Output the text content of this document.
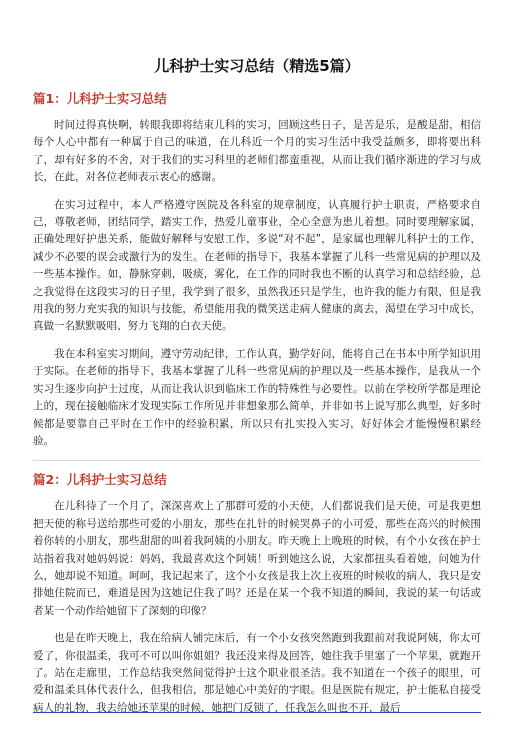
儿科护士实习总结（精选5篇）
篇1：儿科护士实习总结

时间过得真快啊，转眼我即将结束儿科的实习，回顾这些日子，是苦是乐，是酸是甜，相信每个人心中都有一种属于自己的味道，在儿科近一个月的实习生活中我受益颇多，即将要出科了，却有好多的不舍，对于我们的实习科里的老师们都蛮重视，从而让我们循序渐进的学习与成长，在此，对各位老师表示衷心的感谢。

在实习过程中，本人严格遵守医院及各科室的规章制度，认真履行护士职责，严格要求自己，尊敬老师，团结同学，踏实工作，热爱儿童事业，全心全意为患儿着想。同时要理解家属，正确处理好护患关系，能做好解释与安慰工作，多说“对不起”，是家属也理解儿科护士的工作，减少不必要的误会或激行为的发生。在老师的指导下，我基本掌握了儿科一些常见病的护理以及一些基本操作。如，静脉穿刺，吸痰，雾化，在工作的同时我也不断的认真学习和总结经验，总之我觉得在这段实习的日子里，我学到了很多，虽然我还只是学生，也许我的能力有限，但是我用我的努力充实我的知识与技能，希望能用我的微笑送走病人健康的离去，渴望在学习中成长，真做一名默默吸唱、努力飞翔的白衣天使。

我在本科室实习期间，遵守劳动纪律，工作认真，勤学好问，能将自己在书本中所学知识用于实际。在老师的指导下，我基本掌握了儿科一些常见病的护理以及一些基本操作，是我从一个实习生逐步向护士过度，从而让我认识到临床工作的特殊性与必要性。以前在学校所学都是理论上的，现在接触临床才发现实际工作所见并非想象那么简单，并非如书上说写那么典型，好多时候都是要靠自己平时在工作中的经验积累，所以只有扎实投入实习，好好体会才能慢慢积累经验。

篇2：儿科护士实习总结

在儿科待了一个月了，深深喜欢上了那群可爱的小天使，人们都说我们是天使，可是我更想把天使的称号送给那些可爱的小朋友，那些在扎针的时候哭鼻子的小可爱，那些在高兴的时候围着你转的小朋友，那些甜甜的叫着我阿姨的小朋友。昨天晚上上晚班的时候，有个小女孩在护士站指着我对她妈妈说：妈妈，我最喜欢这个阿姨！听到她这么说，大家都扭头看着她，问她为什么，她却说不知道。呵呵，我记起来了，这个小女孩是我上次上夜班的时候收的病人，我只是安排她住院而已，难道是因为这她记住我了吗？还是在某一个我不知道的瞬间，我说的某一句话或者某一个动作给她留下了深刻的印像？

也是在昨天晚上，我在给病人铺完床后，有一个小女孩突然跑到我跟前对我说阿姨，你太可爱了，你很温柔，我可不可以叫你姐姐？我还没来得及回答，她往我手里塞了一个苹果，就跑开了。站在走廊里，工作总结我突然间觉得护士这个职业很圣洁。我不知道在一个孩子的眼里，可爱和温柔具体代表什么，但我相信，那是她心中美好的字眼。但是医院有规定，护士能私自接受病人的礼物，我去给她还苹果的时候，她把门反锁了，任我怎么叫也不开，最后
